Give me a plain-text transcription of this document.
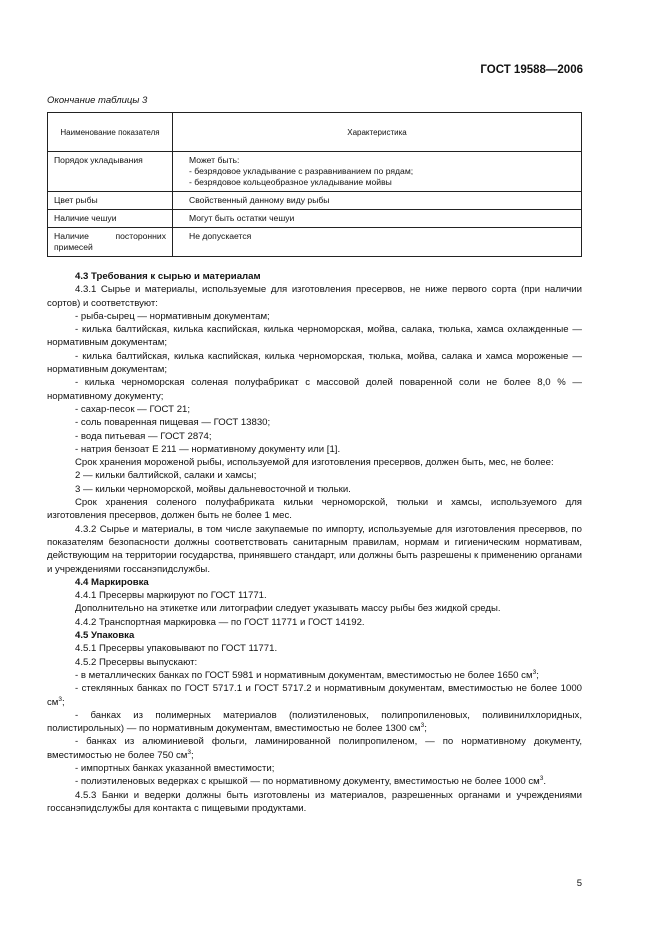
ГОСТ 19588—2006
Окончание таблицы 3
Наименование показателя	Характеристика
Порядок укладывания	Может быть:
- безрядовое укладывание с разравниванием по рядам;
- безрядовое кольцеобразное укладывание мойвы

Цвет рыбы	Свойственный данному виду рыбы

Наличие чешуи	Могут быть остатки чешуи

Наличие посторонних примесей	Не допускается

4.3 Требования к сырью и материалам

4.3.1 Сырье и материалы, используемые для изготовления пресервов, не ниже первого сорта (при наличии сортов) и соответствуют:

- рыба-сырец — нормативным документам;

- килька балтийская, килька каспийская, килька черноморская, мойва, салака, тюлька, хамса охлажденные — нормативным документам;

- килька балтийская, килька каспийская, килька черноморская, тюлька, мойва, салака и хамса мороженые — нормативным документам;

- килька черноморская соленая полуфабрикат с массовой долей поваренной соли не более 8,0 % — нормативному документу;

- сахар-песок — ГОСТ 21;

- соль поваренная пищевая — ГОСТ 13830;

- вода питьевая — ГОСТ 2874;

- натрия бензоат Е 211 — нормативному документу или [1].

Срок хранения мороженой рыбы, используемой для изготовления пресервов, должен быть, мес, не более:

2 — кильки балтийской, салаки и хамсы;

3 — кильки черноморской, мойвы дальневосточной и тюльки.

Срок хранения соленого полуфабриката кильки черноморской, тюльки и хамсы, используемого для изготовления пресервов, должен быть не более 1 мес.

4.3.2 Сырье и материалы, в том числе закупаемые по импорту, используемые для изготовления пресервов, по показателям безопасности должны соответствовать санитарным правилам, нормам и гигиеническим нормативам, действующим на территории государства, принявшего стандарт, или должны быть разрешены к применению органами и учреждениями госсанэпидслужбы.

4.4 Маркировка

4.4.1 Пресервы маркируют по ГОСТ 11771.

Дополнительно на этикетке или литографии следует указывать массу рыбы без жидкой среды.

4.4.2 Транспортная маркировка — по ГОСТ 11771 и ГОСТ 14192.

4.5 Упаковка

4.5.1 Пресервы упаковывают по ГОСТ 11771.

4.5.2 Пресервы выпускают:

- в металлических банках по ГОСТ 5981 и нормативным документам, вместимостью не более 1650 $см^3$;

- стеклянных банках по ГОСТ 5717.1 и ГОСТ 5717.2 и нормативным документам, вместимостью не более 1000 $см^3$;

- банках из полимерных материалов (полиэтиленовых, полипропиленовых, поливинилхлоридных, полистирольных) — по нормативным документам, вместимостью не более 1300 $см^3$;

- банках из алюминиевой фольги, ламинированной полипропиленом, — по нормативному документу, вместимостью не более 750 $см^3$;

- импортных банках указанной вместимости;

- полиэтиленовых ведерках с крышкой — по нормативному документу, вместимостью не более 1000 $см^3$.

4.5.3 Банки и ведерки должны быть изготовлены из материалов, разрешенных органами и учреждениями госсанэпидслужбы для контакта с пищевыми продуктами.

5
